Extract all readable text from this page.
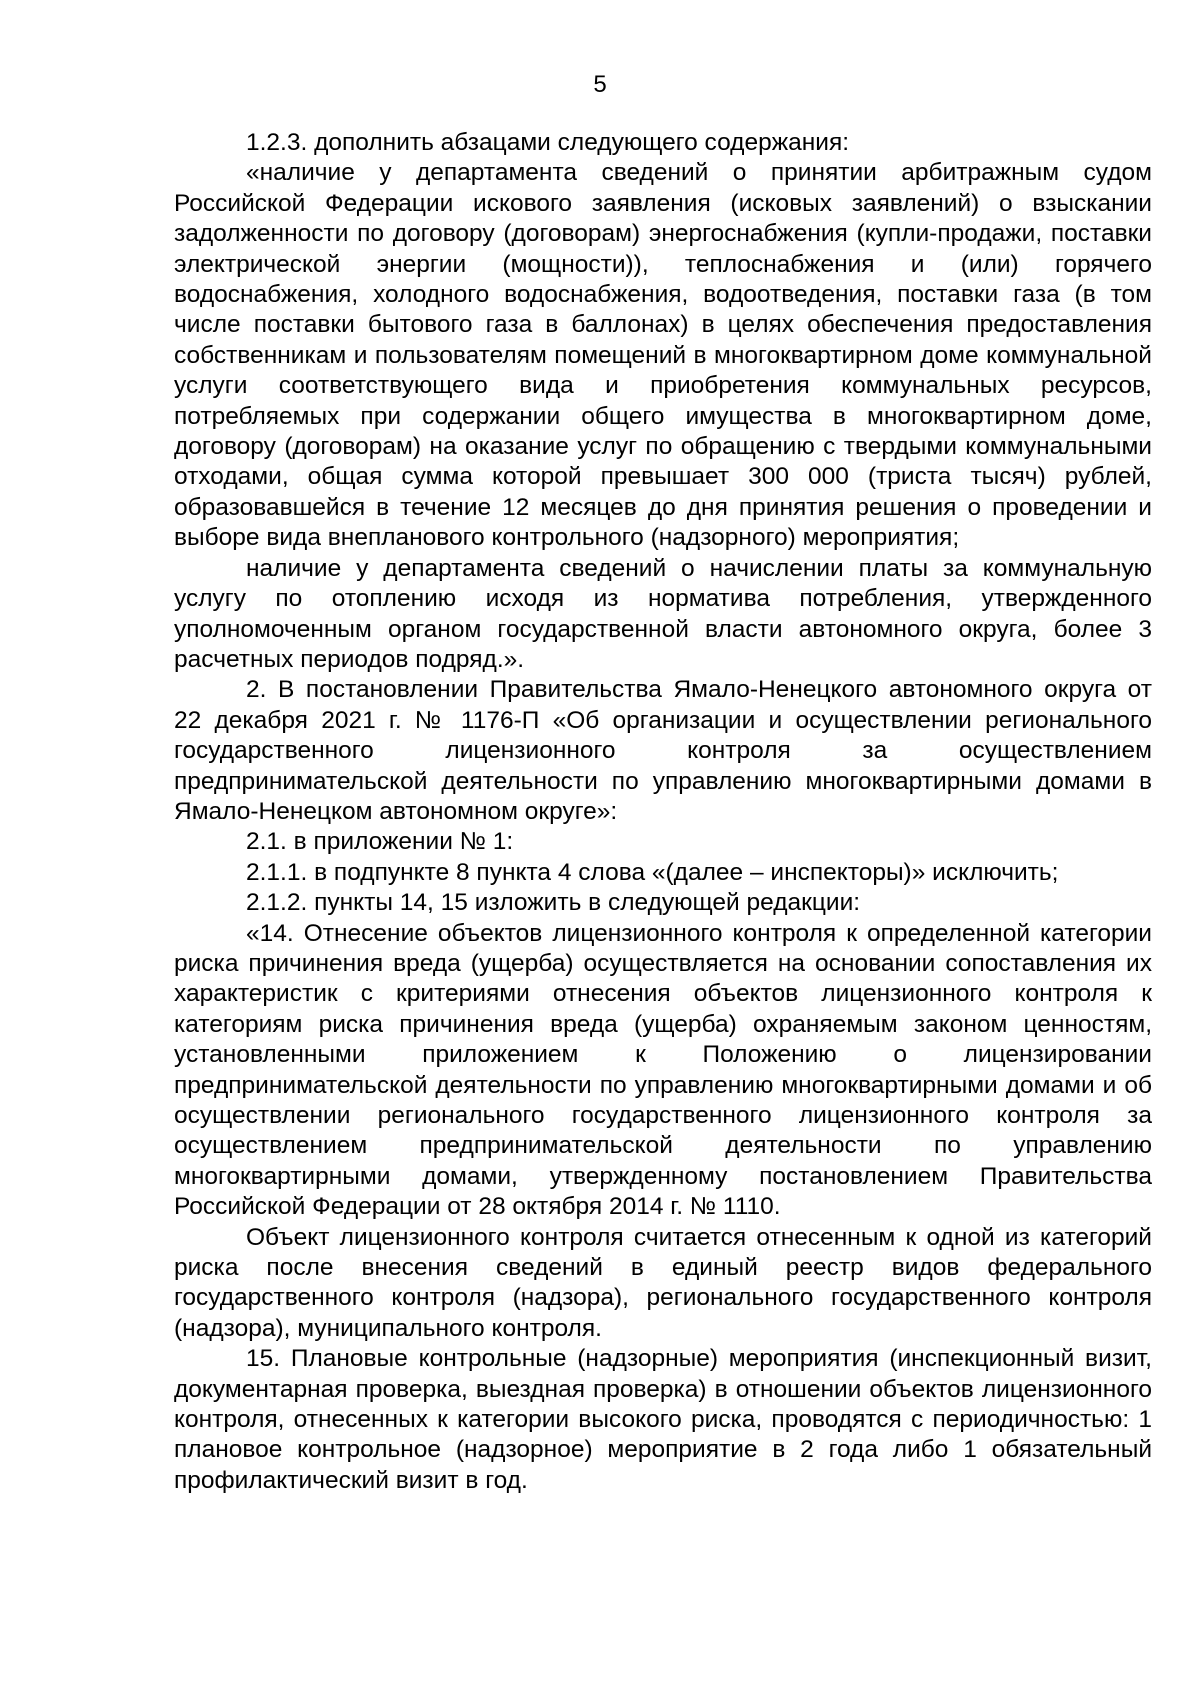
5

1.2.3. дополнить абзацами следующего содержания:

«наличие у департамента сведений о принятии арбитражным судом Российской Федерации искового заявления (исковых заявлений) о взыскании задолженности по договору (договорам) энергоснабжения (купли-продажи, поставки электрической энергии (мощности)), теплоснабжения и (или) горячего водоснабжения, холодного водоснабжения, водоотведения, поставки газа (в том числе поставки бытового газа в баллонах) в целях обеспечения предоставления собственникам и пользователям помещений в многоквартирном доме коммунальной услуги соответствующего вида и приобретения коммунальных ресурсов, потребляемых при содержании общего имущества в многоквартирном доме, договору (договорам) на оказание услуг по обращению с твердыми коммунальными отходами, общая сумма которой превышает 300 000 (триста тысяч) рублей, образовавшейся в течение 12 месяцев до дня принятия решения о проведении и выборе вида внепланового контрольного (надзорного) мероприятия;

наличие у департамента сведений о начислении платы за коммунальную услугу по отоплению исходя из норматива потребления, утвержденного уполномоченным органом государственной власти автономного округа, более 3 расчетных периодов подряд.».

2. В постановлении Правительства Ямало-Ненецкого автономного округа от 22 декабря 2021 г. № 1176-П «Об организации и осуществлении регионального государственного лицензионного контроля за осуществлением предпринимательской деятельности по управлению многоквартирными домами в Ямало-Ненецком автономном округе»:

2.1. в приложении № 1:

2.1.1. в подпункте 8 пункта 4 слова «(далее – инспекторы)» исключить;

2.1.2. пункты 14, 15 изложить в следующей редакции:

«14. Отнесение объектов лицензионного контроля к определенной категории риска причинения вреда (ущерба) осуществляется на основании сопоставления их характеристик с критериями отнесения объектов лицензионного контроля к категориям риска причинения вреда (ущерба) охраняемым законом ценностям, установленными приложением к Положению о лицензировании предпринимательской деятельности по управлению многоквартирными домами и об осуществлении регионального государственного лицензионного контроля за осуществлением предпринимательской деятельности по управлению многоквартирными домами, утвержденному постановлением Правительства Российской Федерации от 28 октября 2014 г. № 1110.

Объект лицензионного контроля считается отнесенным к одной из категорий риска после внесения сведений в единый реестр видов федерального государственного контроля (надзора), регионального государственного контроля (надзора), муниципального контроля.

15. Плановые контрольные (надзорные) мероприятия (инспекционный визит, документарная проверка, выездная проверка) в отношении объектов лицензионного контроля, отнесенных к категории высокого риска, проводятся с периодичностью: 1 плановое контрольное (надзорное) мероприятие в 2 года либо 1 обязательный профилактический визит в год.
